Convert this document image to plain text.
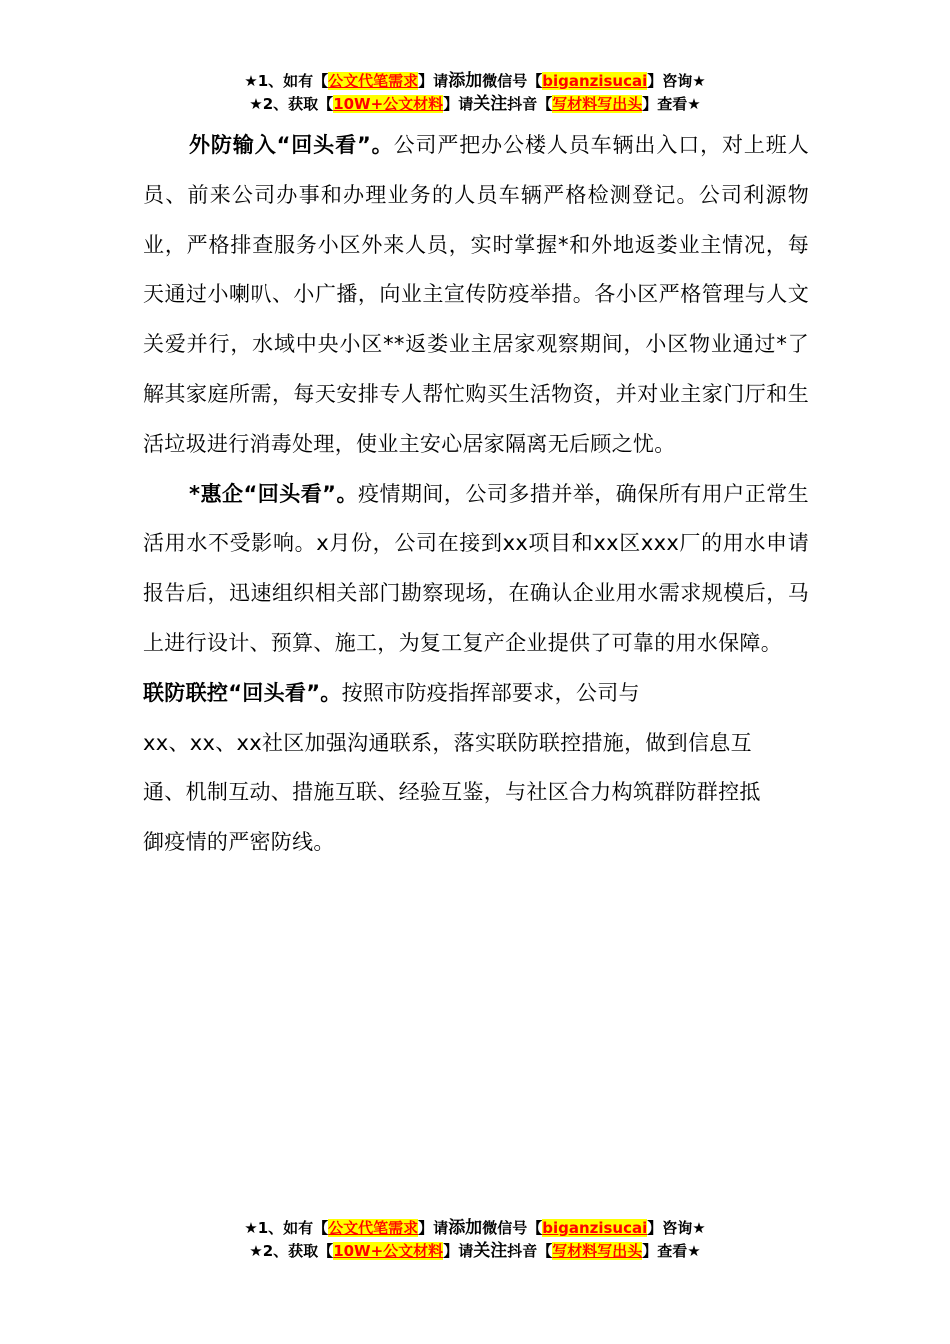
★1、如有【公文代笔需求】请添加微信号【biganzisucai】咨询★
★2、获取【10W+公文材料】请关注抖音【写材料写出头】查看★

外防输入“回头看”。公司严把办公楼人员车辆出入口，对上班人员、前来公司办事和办理业务的人员车辆严格检测登记。公司利源物业，严格排查服务小区外来人员，实时掌握*和外地返娄业主情况，每天通过小喇叭、小广播，向业主宣传防疫举措。各小区严格管理与人文关爱并行，水域中央小区**返娄业主居家观察期间，小区物业通过*了解其家庭所需，每天安排专人帮忙购买生活物资，并对业主家门厅和生活垃圾进行消毒处理，使业主安心居家隔离无后顾之忧。

*惠企“回头看”。疫情期间，公司多措并举，确保所有用户正常生活用水不受影响。x月份，公司在接到xx项目和xx区xxx厂的用水申请报告后，迅速组织相关部门勘察现场，在确认企业用水需求规模后，马上进行设计、预算、施工，为复工复产企业提供了可靠的用水保障。

联防联控“回头看”。按照市防疫指挥部要求，公司与
xx、xx、xx社区加强沟通联系，落实联防联控措施，做到信息互
通、机制互动、措施互联、经验互鉴，与社区合力构筑群防群控抵
御疫情的严密防线。

★1、如有【公文代笔需求】请添加微信号【biganzisucai】咨询★
★2、获取【10W+公文材料】请关注抖音【写材料写出头】查看★
